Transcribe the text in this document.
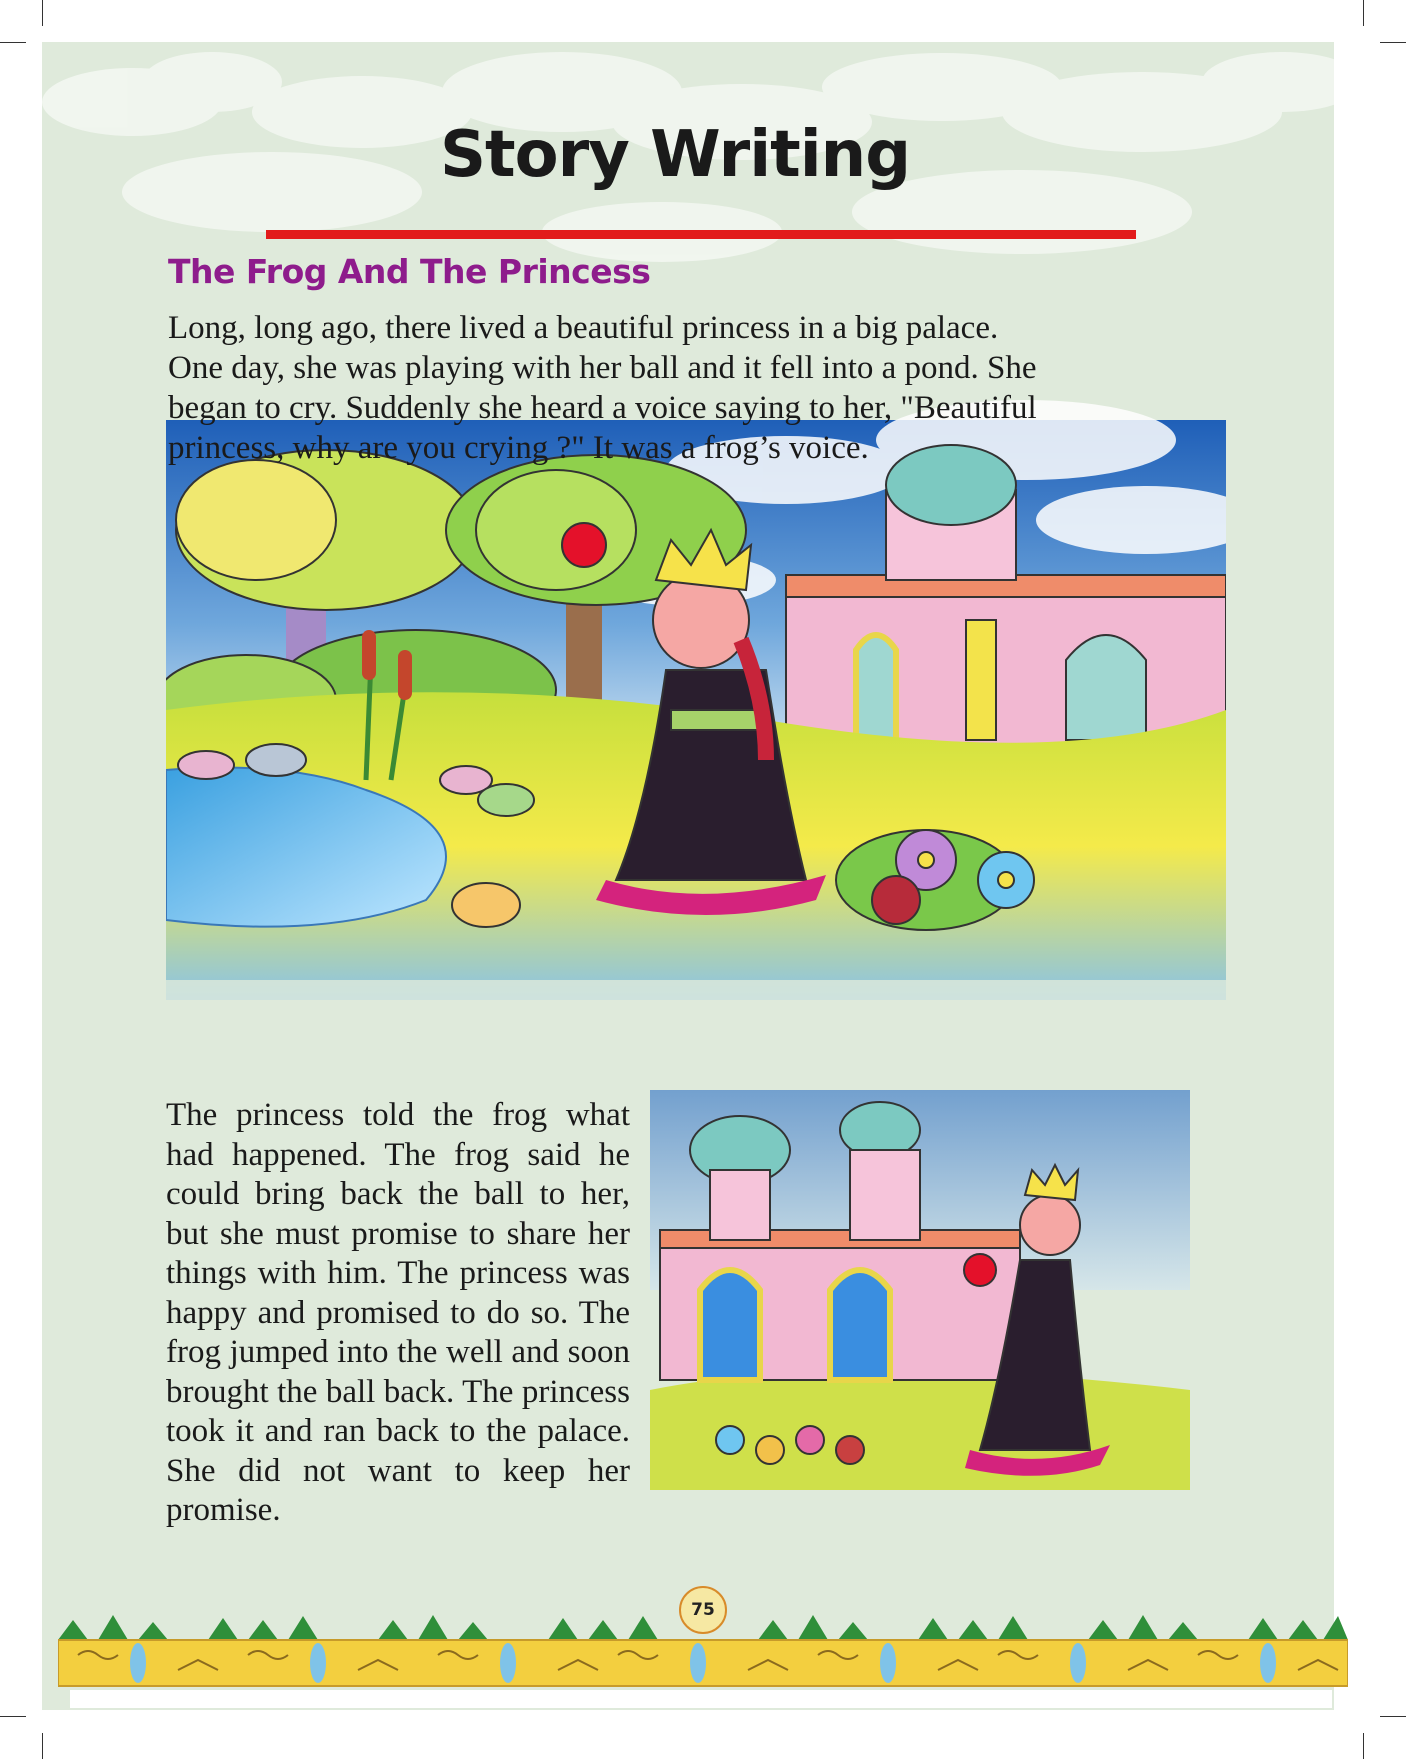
Story Writing
The Frog And The Princess

Long, long ago, there lived a beautiful princess in a big palace.
One day, she was playing with her ball and it fell into a pond. She
began to cry. Suddenly she heard a voice saying to her, "Beautiful
princess, why are you crying ?" It was a frog’s voice.

The princess told the frog what had happened. The frog said he could bring back the ball to her, but she must promise to share her things with him. The princess was happy and promised to do so. The frog jumped into the well and soon brought the ball back. The princess took it and ran back to the palace. She did not want to keep her promise.

75
